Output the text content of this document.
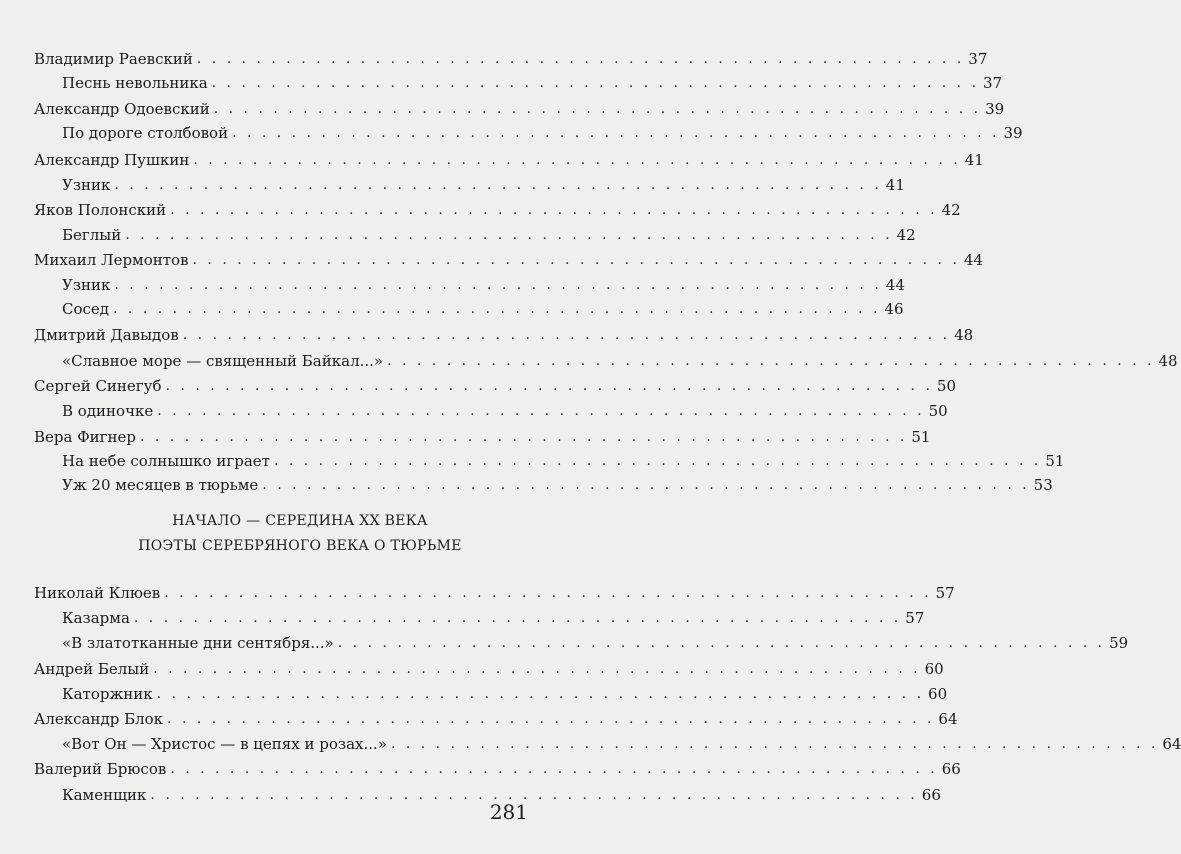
Владимир Раевский . . . . . . . . . . . . . . . . . . . . . . . . . . . . . . . . . . . . . . . . . . . . . . . . . . . . 37
Песнь невольника . . . . . . . . . . . . . . . . . . . . . . . . . . . . . . . . . . . . . . . . . . . . . . . . . . . . 37
Александр Одоевский . . . . . . . . . . . . . . . . . . . . . . . . . . . . . . . . . . . . . . . . . . . . . . . . . . . . 39
По дороге столбовой . . . . . . . . . . . . . . . . . . . . . . . . . . . . . . . . . . . . . . . . . . . . . . . . . . . . 39
Александр Пушкин . . . . . . . . . . . . . . . . . . . . . . . . . . . . . . . . . . . . . . . . . . . . . . . . . . . . 41
Узник . . . . . . . . . . . . . . . . . . . . . . . . . . . . . . . . . . . . . . . . . . . . . . . . . . . . 41
Яков Полонский . . . . . . . . . . . . . . . . . . . . . . . . . . . . . . . . . . . . . . . . . . . . . . . . . . . . 42
Беглый . . . . . . . . . . . . . . . . . . . . . . . . . . . . . . . . . . . . . . . . . . . . . . . . . . . . 42
Михаил Лермонтов . . . . . . . . . . . . . . . . . . . . . . . . . . . . . . . . . . . . . . . . . . . . . . . . . . . . 44
Узник . . . . . . . . . . . . . . . . . . . . . . . . . . . . . . . . . . . . . . . . . . . . . . . . . . . . 44
Сосед . . . . . . . . . . . . . . . . . . . . . . . . . . . . . . . . . . . . . . . . . . . . . . . . . . . . 46
Дмитрий Давыдов . . . . . . . . . . . . . . . . . . . . . . . . . . . . . . . . . . . . . . . . . . . . . . . . . . . . 48
«Славное море — священный Байкал...» . . . . . . . . . . . . . . . . . . . . . . . . . . . . . . . . . . . . . . . . . . . . . . . . . . . . 48
Сергей Синегуб . . . . . . . . . . . . . . . . . . . . . . . . . . . . . . . . . . . . . . . . . . . . . . . . . . . . 50
В одиночке . . . . . . . . . . . . . . . . . . . . . . . . . . . . . . . . . . . . . . . . . . . . . . . . . . . . 50
Вера Фигнер . . . . . . . . . . . . . . . . . . . . . . . . . . . . . . . . . . . . . . . . . . . . . . . . . . . . 51
На небе солнышко играет . . . . . . . . . . . . . . . . . . . . . . . . . . . . . . . . . . . . . . . . . . . . . . . . . . . . 51
Уж 20 месяцев в тюрьме . . . . . . . . . . . . . . . . . . . . . . . . . . . . . . . . . . . . . . . . . . . . . . . . . . . . 53
НАЧАЛО — СЕРЕДИНА XX ВЕКА
ПОЭТЫ СЕРЕБРЯНОГО ВЕКА О ТЮРЬМЕ
Николай Клюев . . . . . . . . . . . . . . . . . . . . . . . . . . . . . . . . . . . . . . . . . . . . . . . . . . . . 57
Казарма . . . . . . . . . . . . . . . . . . . . . . . . . . . . . . . . . . . . . . . . . . . . . . . . . . . . 57
«В златотканные дни сентября...» . . . . . . . . . . . . . . . . . . . . . . . . . . . . . . . . . . . . . . . . . . . . . . . . . . . . 59
Андрей Белый . . . . . . . . . . . . . . . . . . . . . . . . . . . . . . . . . . . . . . . . . . . . . . . . . . . . 60
Каторжник . . . . . . . . . . . . . . . . . . . . . . . . . . . . . . . . . . . . . . . . . . . . . . . . . . . . 60
Александр Блок . . . . . . . . . . . . . . . . . . . . . . . . . . . . . . . . . . . . . . . . . . . . . . . . . . . . 64
«Вот Он — Христос — в цепях и розах...» . . . . . . . . . . . . . . . . . . . . . . . . . . . . . . . . . . . . . . . . . . . . . . . . . . . . 64
Валерий Брюсов . . . . . . . . . . . . . . . . . . . . . . . . . . . . . . . . . . . . . . . . . . . . . . . . . . . . 66
Каменщик . . . . . . . . . . . . . . . . . . . . . . . . . . . . . . . . . . . . . . . . . . . . . . . . . . . . 66
281
